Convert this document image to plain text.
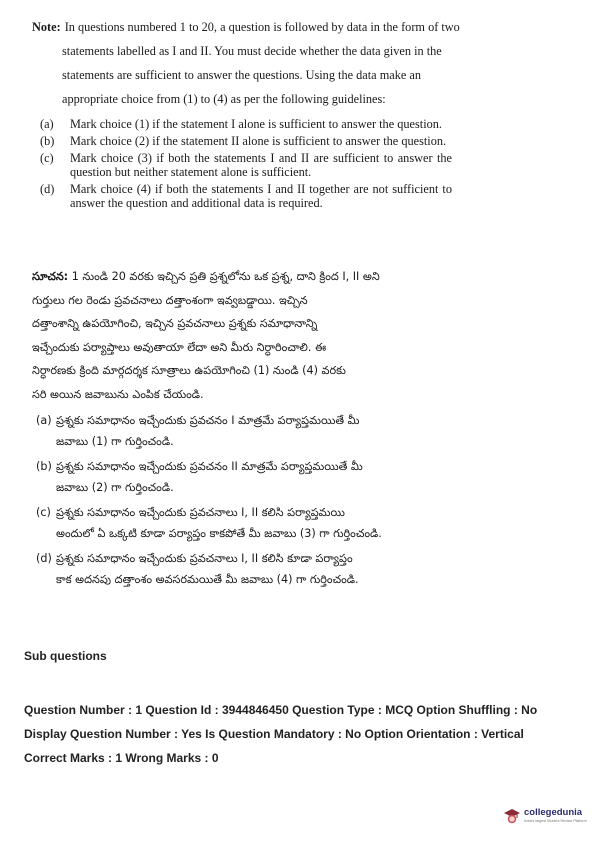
Note: In questions numbered 1 to 20, a question is followed by data in the form of two
statements labelled as I and II. You must decide whether the data given in the
statements are sufficient to answer the questions. Using the data make an
appropriate choice from (1) to (4) as per the following guidelines:
(a)	Mark choice (1) if the statement I alone is sufficient to answer the question.
(b)	Mark choice (2) if the statement II alone is sufficient to answer the question.
(c)	Mark choice (3) if both the statements I and II are sufficient to answer the question but neither statement alone is sufficient.
(d)	Mark choice (4) if both the statements I and II together are not sufficient to answer the question and additional data is required.
సూచన: 1 నుండి 20 వరకు ఇచ్చిన ప్రతి ప్రశ్నలోను ఒక ప్రశ్న, దాని క్రింద I, II అని
గుర్తులు గల రెండు ప్రవచనాలు దత్తాంశంగా ఇవ్వబడ్డాయి. ఇచ్చిన
దత్తాంశాన్ని ఉపయోగించి, ఇచ్చిన ప్రవచనాలు ప్రశ్నకు సమాధానాన్ని
ఇచ్చేందుకు పర్యాప్తాలు అవుతాయా లేదా అని మీరు నిర్ధారించాలి. ఈ
నిర్ధారణకు క్రింది మార్గదర్శక సూత్రాలు ఉపయోగించి (1) నుండి (4) వరకు
సరి అయిన జవాబును ఎంపిక చేయండి.
(a) ప్రశ్నకు సమాధానం ఇచ్చేందుకు ప్రవచనం I మాత్రమే పర్యాప్తమయితే మీ
జవాబు (1) గా గుర్తించండి.
(b) ప్రశ్నకు సమాధానం ఇచ్చేందుకు ప్రవచనం II మాత్రమే పర్యాప్తమయితే మీ
జవాబు (2) గా గుర్తించండి.
(c) ప్రశ్నకు సమాధానం ఇచ్చేందుకు ప్రవచనాలు I, II కలిసి పర్యాప్తమయి
అందులో ఏ ఒక్కటి కూడా పర్యాప్తం కాకపోతే మీ జవాబు (3) గా గుర్తించండి.
(d) ప్రశ్నకు సమాధానం ఇచ్చేందుకు ప్రవచనాలు I, II కలిసి కూడా పర్యాప్తం
కాక అదనపు దత్తాంశం అవసరమయితే మీ జవాబు (4) గా గుర్తించండి.
Sub questions
Question Number : 1 Question Id : 3944846450 Question Type : MCQ Option Shuffling : No
Display Question Number : Yes Is Question Mandatory : No Option Orientation : Vertical
Correct Marks : 1 Wrong Marks : 0
collegedunia
India's largest Student Review Platform
